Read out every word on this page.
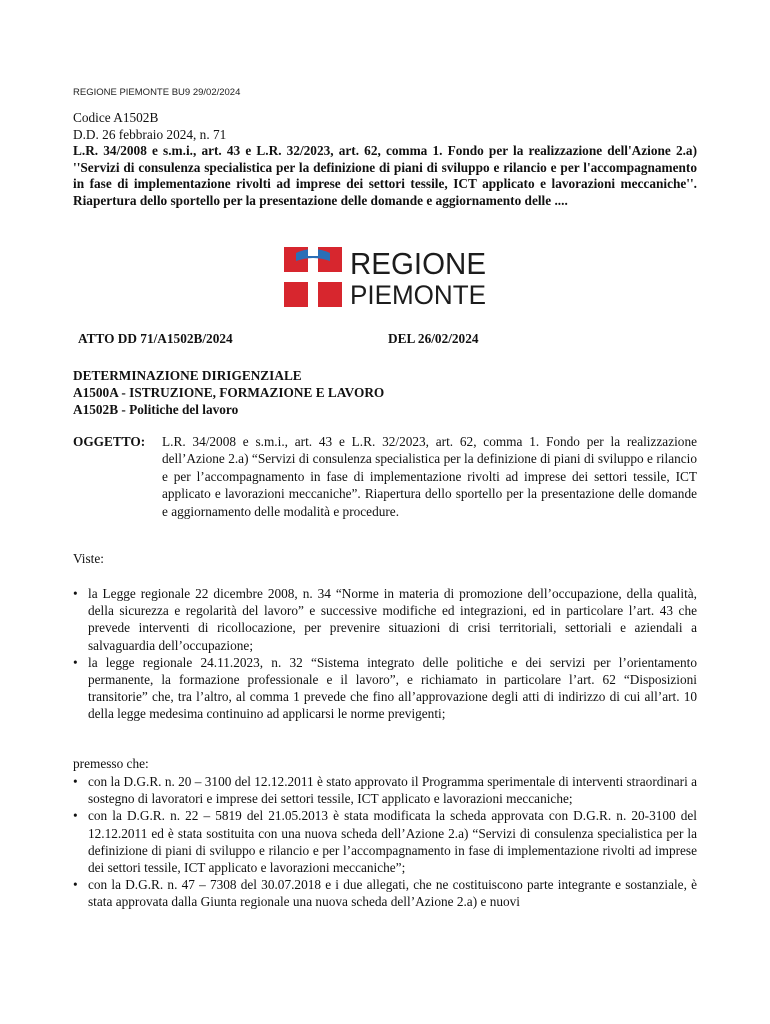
REGIONE PIEMONTE BU9 29/02/2024
Codice A1502B
D.D. 26 febbraio 2024, n. 71
L.R. 34/2008 e s.m.i., art. 43 e L.R. 32/2023, art. 62, comma 1. Fondo per la realizzazione dell'Azione 2.a) ''Servizi di consulenza specialistica per la definizione di piani di sviluppo e rilancio e per l'accompagnamento in fase di implementazione rivolti ad imprese dei settori tessile, ICT applicato e lavorazioni meccaniche''. Riapertura dello sportello per la presentazione delle domande e aggiornamento delle ....
REGIONE
PIEMONTE
ATTO DD 71/A1502B/2024	DEL 26/02/2024
DETERMINAZIONE DIRIGENZIALE
A1500A - ISTRUZIONE, FORMAZIONE E LAVORO
A1502B - Politiche del lavoro
OGGETTO: L.R. 34/2008 e s.m.i., art. 43 e L.R. 32/2023, art. 62, comma 1. Fondo per la realizzazione dell’Azione 2.a) “Servizi di consulenza specialistica per la definizione di piani di sviluppo e rilancio e per l’accompagnamento in fase di implementazione rivolti ad imprese dei settori tessile, ICT applicato e lavorazioni meccaniche”. Riapertura dello sportello per la presentazione delle domande e aggiornamento delle modalità e procedure.
Viste:
• la Legge regionale 22 dicembre 2008, n. 34 “Norme in materia di promozione dell’occupazione, della qualità, della sicurezza e regolarità del lavoro” e successive modifiche ed integrazioni, ed in particolare l’art. 43 che prevede interventi di ricollocazione, per prevenire situazioni di crisi territoriali, settoriali e aziendali a salvaguardia dell’occupazione;
• la legge regionale 24.11.2023, n. 32 “Sistema integrato delle politiche e dei servizi per l’orientamento permanente, la formazione professionale e il lavoro”, e richiamato in particolare l’art. 62 “Disposizioni transitorie” che, tra l’altro, al comma 1 prevede che fino all’approvazione degli atti di indirizzo di cui all’art. 10 della legge medesima continuino ad applicarsi le norme previgenti;
premesso che:
• con la D.G.R. n. 20 – 3100 del 12.12.2011 è stato approvato il Programma sperimentale di interventi straordinari a sostegno di lavoratori e imprese dei settori tessile, ICT applicato e lavorazioni meccaniche;
• con la D.G.R. n. 22 – 5819 del 21.05.2013 è stata modificata la scheda approvata con D.G.R. n. 20-3100 del 12.12.2011 ed è stata sostituita con una nuova scheda dell’Azione 2.a) “Servizi di consulenza specialistica per la definizione di piani di sviluppo e rilancio e per l’accompagnamento in fase di implementazione rivolti ad imprese dei settori tessile, ICT applicato e lavorazioni meccaniche”;
• con la D.G.R. n. 47 – 7308 del 30.07.2018 e i due allegati, che ne costituiscono parte integrante e sostanziale, è stata approvata dalla Giunta regionale una nuova scheda dell’Azione 2.a) e nuovi
